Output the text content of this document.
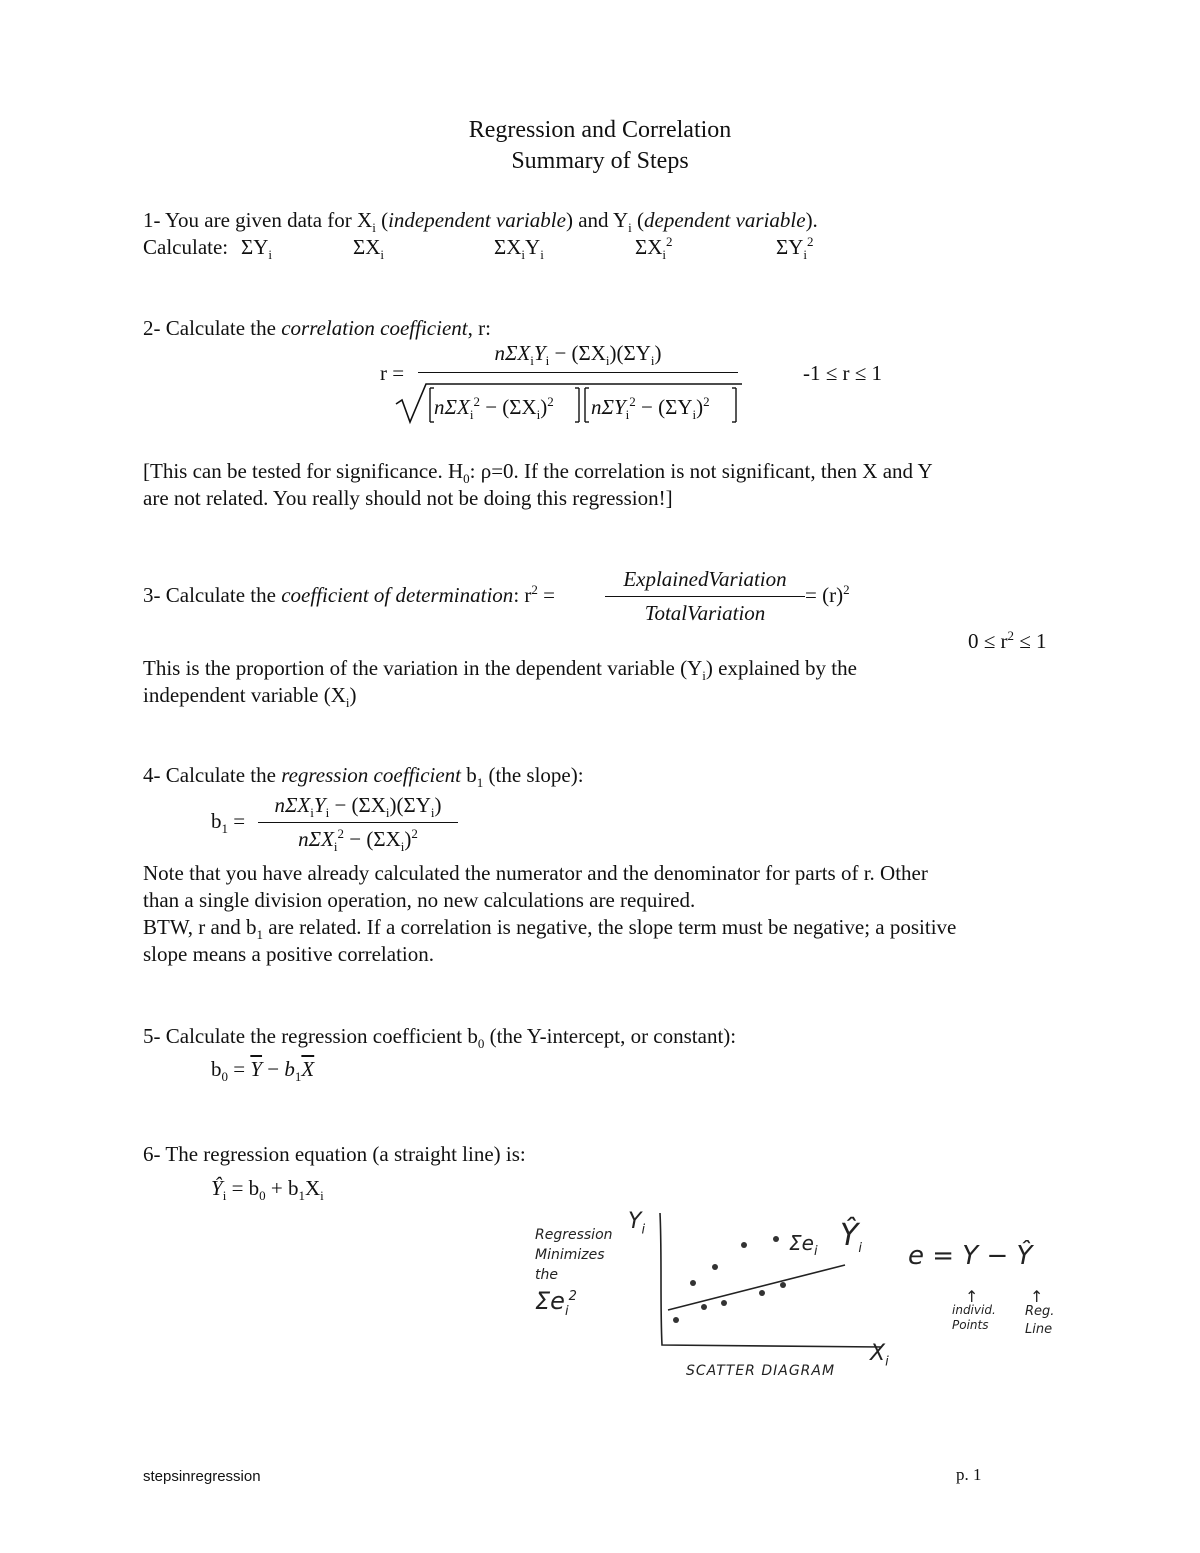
Regression and Correlation
Summary of Steps
1- You are given data for $X_i$ (independent variable) and $Y_i$ (dependent variable).
Calculate: $\Sigma Y_i$	$\Sigma X_i$	$\Sigma X_iY_i$	$\Sigma X_i^2$	$\Sigma Y_i^2$
2- Calculate the correlation coefficient, r:
r =
$n\Sigma X_iY_i - (\Sigma X_i)(\Sigma Y_i)$
$n\Sigma X_i^2 - (\Sigma X_i)^2$ $n\Sigma Y_i^2 - (\Sigma Y_i)^2$
-1 ≤ r ≤ 1
[This can be tested for significance. $H_0$: ρ=0. If the correlation is not significant, then X and Y
are not related. You really should not be doing this regression!]
3- Calculate the coefficient of determination: $r^2$ =
ExplainedVariation
TotalVariation
= $(r)^2$
$0 \le r^2 \le 1$
This is the proportion of the variation in the dependent variable $(Y_i)$ explained by the
independent variable $(X_i)$
4- Calculate the regression coefficient $b_1$ (the slope):
$b_1$ =
$n\Sigma X_iY_i - (\Sigma X_i)(\Sigma Y_i)$
$n\Sigma X_i^2 - (\Sigma X_i)^2$
Note that you have already calculated the numerator and the denominator for parts of r. Other
than a single division operation, no new calculations are required.
BTW, r and $b_1$ are related. If a correlation is negative, the slope term must be negative; a positive
slope means a positive correlation.
5- Calculate the regression coefficient $b_0$ (the Y-intercept, or constant):
$b_0 = \overline{Y} - b_1\overline{X}$
6- The regression equation (a straight line) is:
$Ŷ_i = b_0 + b_1X_i$
Regression
Minimizes
the
$\Sigma e_i^2$
$Y_i$
$X_i$
SCATTER DIAGRAM
$\Sigma e_i$ $Ŷ_i$ e = Y − Ŷ
↑	↑
individ.
Points
Reg.
Line
stepsinregression	p. 1
